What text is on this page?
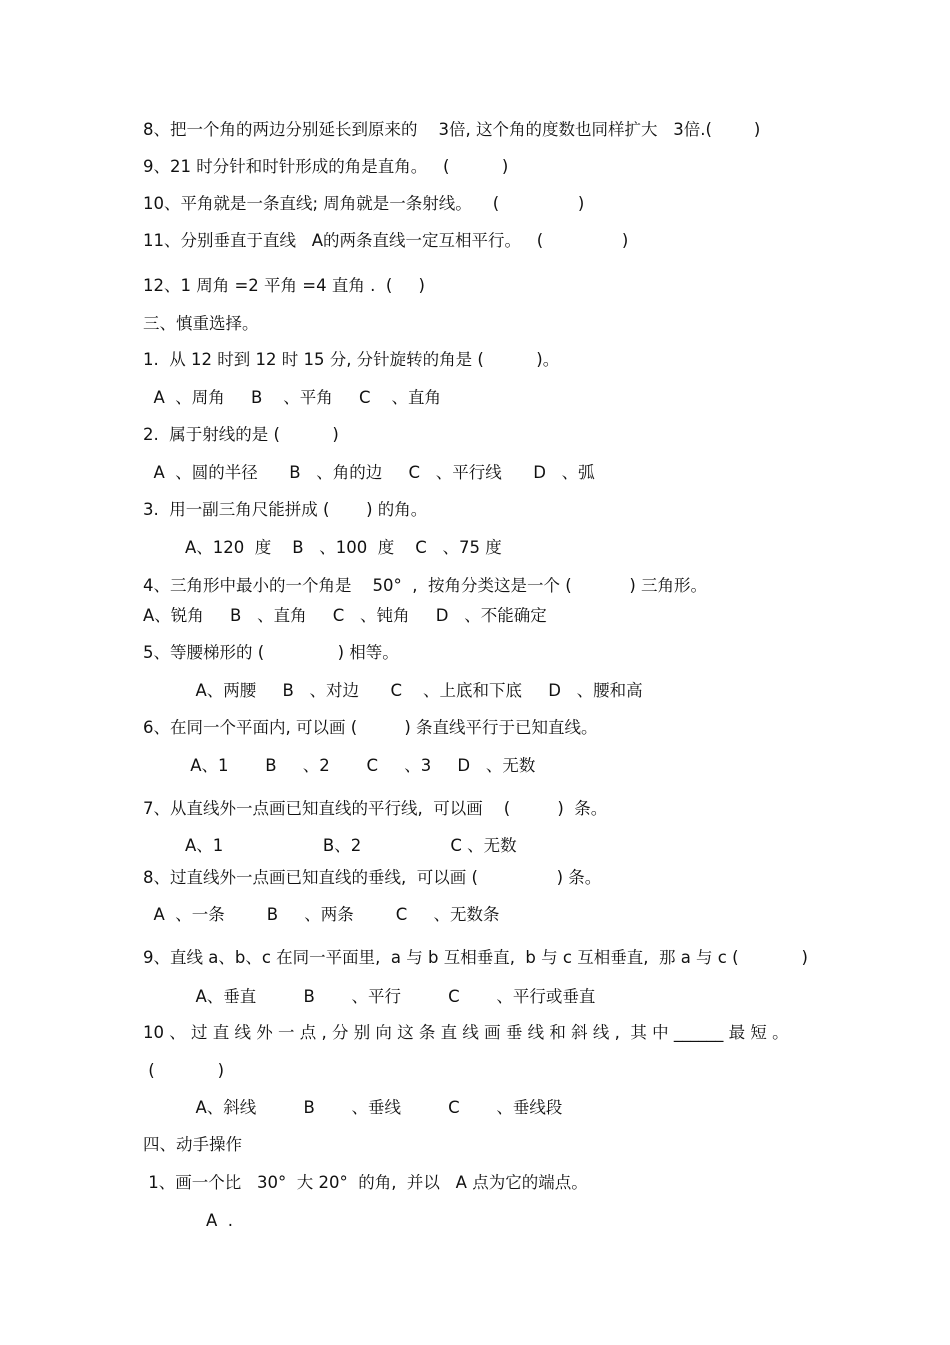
8、把一个角的两边分别延长到原来的    3倍, 这个角的度数也同样扩大   3倍.(        )
9、21 时分针和时针形成的角是直角。   (          )
10、平角就是一条直线; 周角就是一条射线。    (               )
11、分别垂直于直线   A的两条直线一定互相平行。   (               )
12、1 周角 =2 平角 =4 直角 .  (     )
三、慎重选择。
1.  从 12 时到 12 时 15 分, 分针旋转的角是 (          )。
A  、周角     B    、平角     C    、直角
2.  属于射线的是 (          )
A  、圆的半径      B   、角的边     C   、平行线      D   、弧
3.  用一副三角尺能拼成 (       ) 的角。
A、120  度    B   、100  度    C   、75 度
4、三角形中最小的一个角是    50°  ,  按角分类这是一个 (           ) 三角形。
A、锐角     B   、直角     C   、钝角     D   、不能确定
5、等腰梯形的 (              ) 相等。
A、两腰     B   、对边      C    、上底和下底     D   、腰和高
6、在同一个平面内, 可以画 (         ) 条直线平行于已知直线。
A、1       B     、2       C     、3     D   、无数
7、从直线外一点画已知直线的平行线,  可以画    (         )  条。
A、1                   B、2                 C 、无数
8、过直线外一点画已知直线的垂线,  可以画 (               ) 条。
A  、一条        B     、两条        C     、无数条
9、直线 a、b、c 在同一平面里,  a 与 b 互相垂直,  b 与 c 互相垂直,  那 a 与 c (            )
A、垂直         B       、平行         C       、平行或垂直
10 、 过 直 线 外 一 点 , 分 别 向 这 条 直 线 画 垂 线 和 斜 线 ,  其 中 ______ 最 短 。
(            )
A、斜线         B       、垂线         C       、垂线段
四、动手操作
1、画一个比   30°  大 20°  的角,  并以   A 点为它的端点。
A  .
